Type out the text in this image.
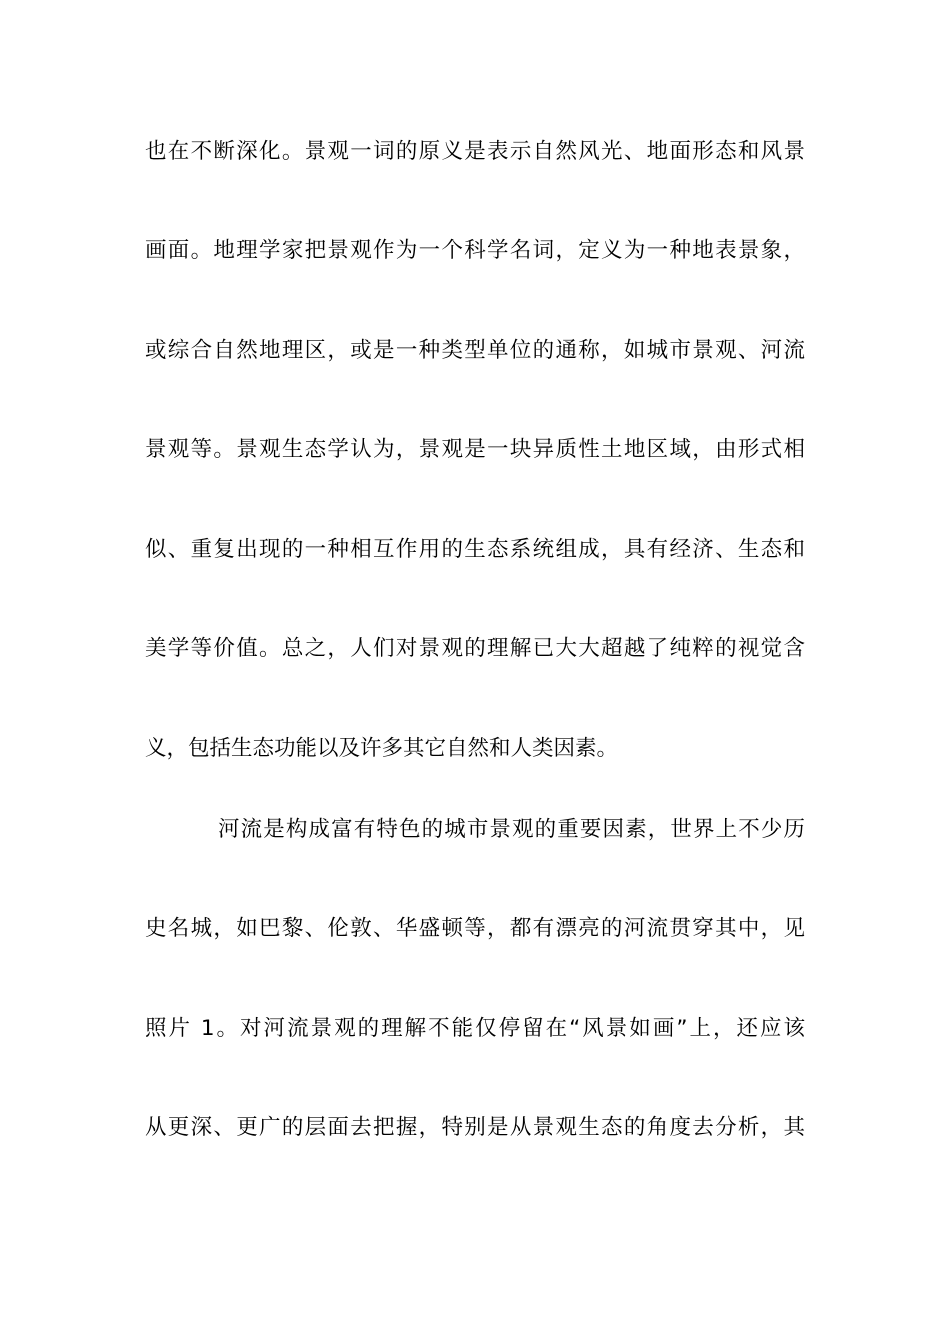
也在不断深化。景观一词的原义是表示自然风光、地面形态和风景
画面。地理学家把景观作为一个科学名词，定义为一种地表景象，
或综合自然地理区，或是一种类型单位的通称，如城市景观、河流
景观等。景观生态学认为，景观是一块异质性土地区域，由形式相
似、重复出现的一种相互作用的生态系统组成，具有经济、生态和
美学等价值。总之，人们对景观的理解已大大超越了纯粹的视觉含
义，包括生态功能以及许多其它自然和人类因素。
河流是构成富有特色的城市景观的重要因素，世界上不少历
史名城，如巴黎、伦敦、华盛顿等，都有漂亮的河流贯穿其中，见
照片 1。对河流景观的理解不能仅停留在“风景如画”上，还应该
从更深、更广的层面去把握，特别是从景观生态的角度去分析，其
